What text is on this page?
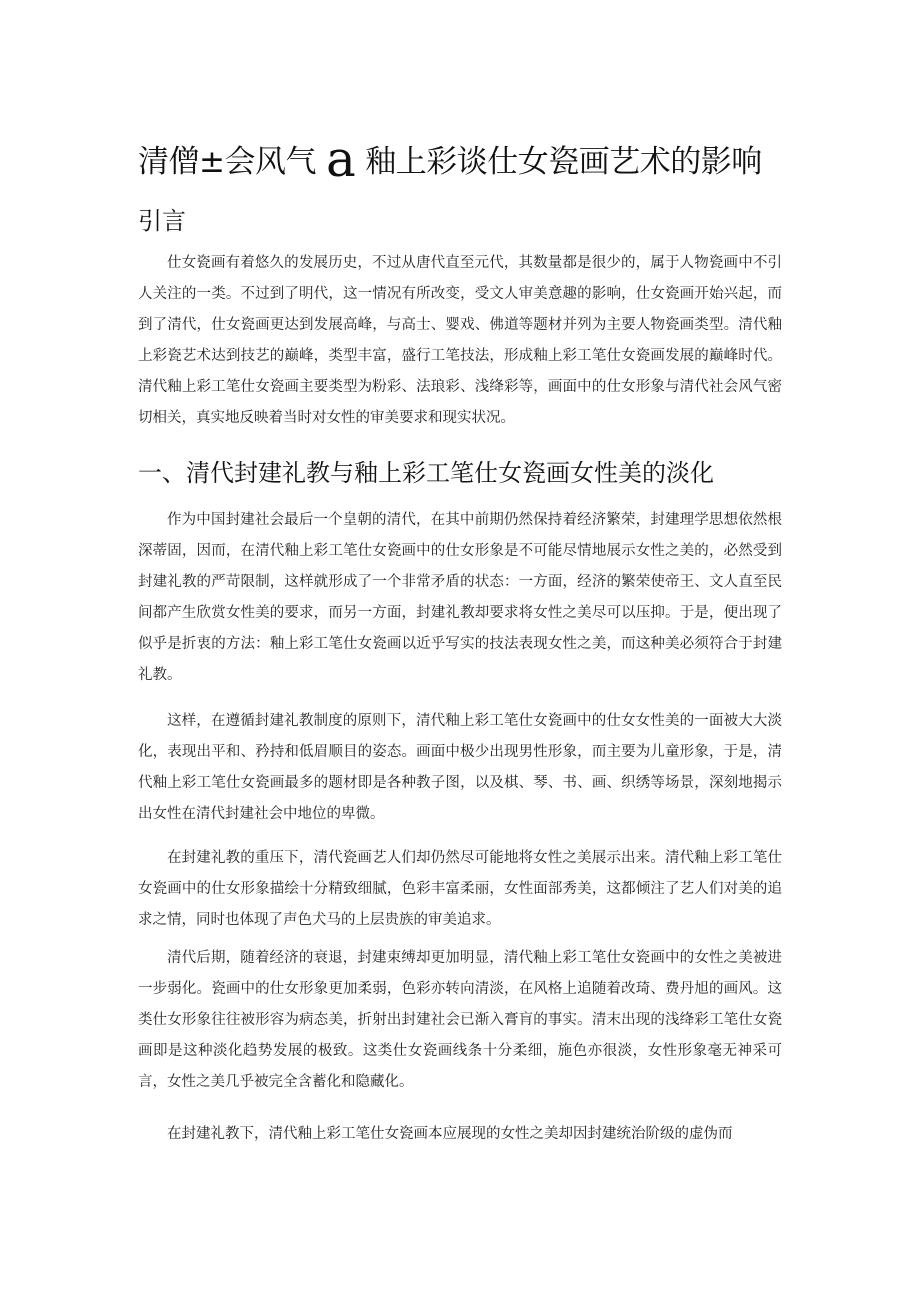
清僧±会风气 a 釉上彩谈仕女瓷画艺术的影响
引言

仕女瓷画有着悠久的发展历史，不过从唐代直至元代，其数量都是很少的，属于人物瓷画中不引人关注的一类。不过到了明代，这一情况有所改变，受文人审美意趣的影响，仕女瓷画开始兴起，而到了清代，仕女瓷画更达到发展高峰，与高士、婴戏、佛道等题材并列为主要人物瓷画类型。清代釉上彩瓷艺术达到技艺的巅峰，类型丰富，盛行工笔技法，形成釉上彩工笔仕女瓷画发展的巅峰时代。清代釉上彩工笔仕女瓷画主要类型为粉彩、法琅彩、浅绛彩等，画面中的仕女形象与清代社会风气密切相关，真实地反映着当时对女性的审美要求和现实状况。

一、清代封建礼教与釉上彩工笔仕女瓷画女性美的淡化

作为中国封建社会最后一个皇朝的清代，在其中前期仍然保持着经济繁荣，封建理学思想依然根深蒂固，因而，在清代釉上彩工笔仕女瓷画中的仕女形象是不可能尽情地展示女性之美的，必然受到封建礼教的严苛限制，这样就形成了一个非常矛盾的状态：一方面，经济的繁荣使帝王、文人直至民间都产生欣赏女性美的要求，而另一方面，封建礼教却要求将女性之美尽可以压抑。于是，便出现了似乎是折衷的方法：釉上彩工笔仕女瓷画以近乎写实的技法表现女性之美，而这种美必须符合于封建礼教。

这样，在遵循封建礼教制度的原则下，清代釉上彩工笔仕女瓷画中的仕女女性美的一面被大大淡化，表现出平和、矜持和低眉顺目的姿态。画面中极少出现男性形象，而主要为儿童形象，于是，清代釉上彩工笔仕女瓷画最多的题材即是各种教子图，以及棋、琴、书、画、织绣等场景，深刻地揭示出女性在清代封建社会中地位的卑微。

在封建礼教的重压下，清代瓷画艺人们却仍然尽可能地将女性之美展示出来。清代釉上彩工笔仕女瓷画中的仕女形象描绘十分精致细腻，色彩丰富柔丽，女性面部秀美，这都倾注了艺人们对美的追求之情，同时也体现了声色犬马的上层贵族的审美追求。

清代后期，随着经济的衰退，封建束缚却更加明显，清代釉上彩工笔仕女瓷画中的女性之美被进一步弱化。瓷画中的仕女形象更加柔弱，色彩亦转向清淡，在风格上追随着改琦、费丹旭的画风。这类仕女形象往往被形容为病态美，折射出封建社会已渐入膏肓的事实。清末出现的浅绛彩工笔仕女瓷画即是这种淡化趋势发展的极致。这类仕女瓷画线条十分柔细，施色亦很淡，女性形象毫无神采可言，女性之美几乎被完全含蓄化和隐藏化。

在封建礼教下，清代釉上彩工笔仕女瓷画本应展现的女性之美却因封建统治阶级的虚伪而
